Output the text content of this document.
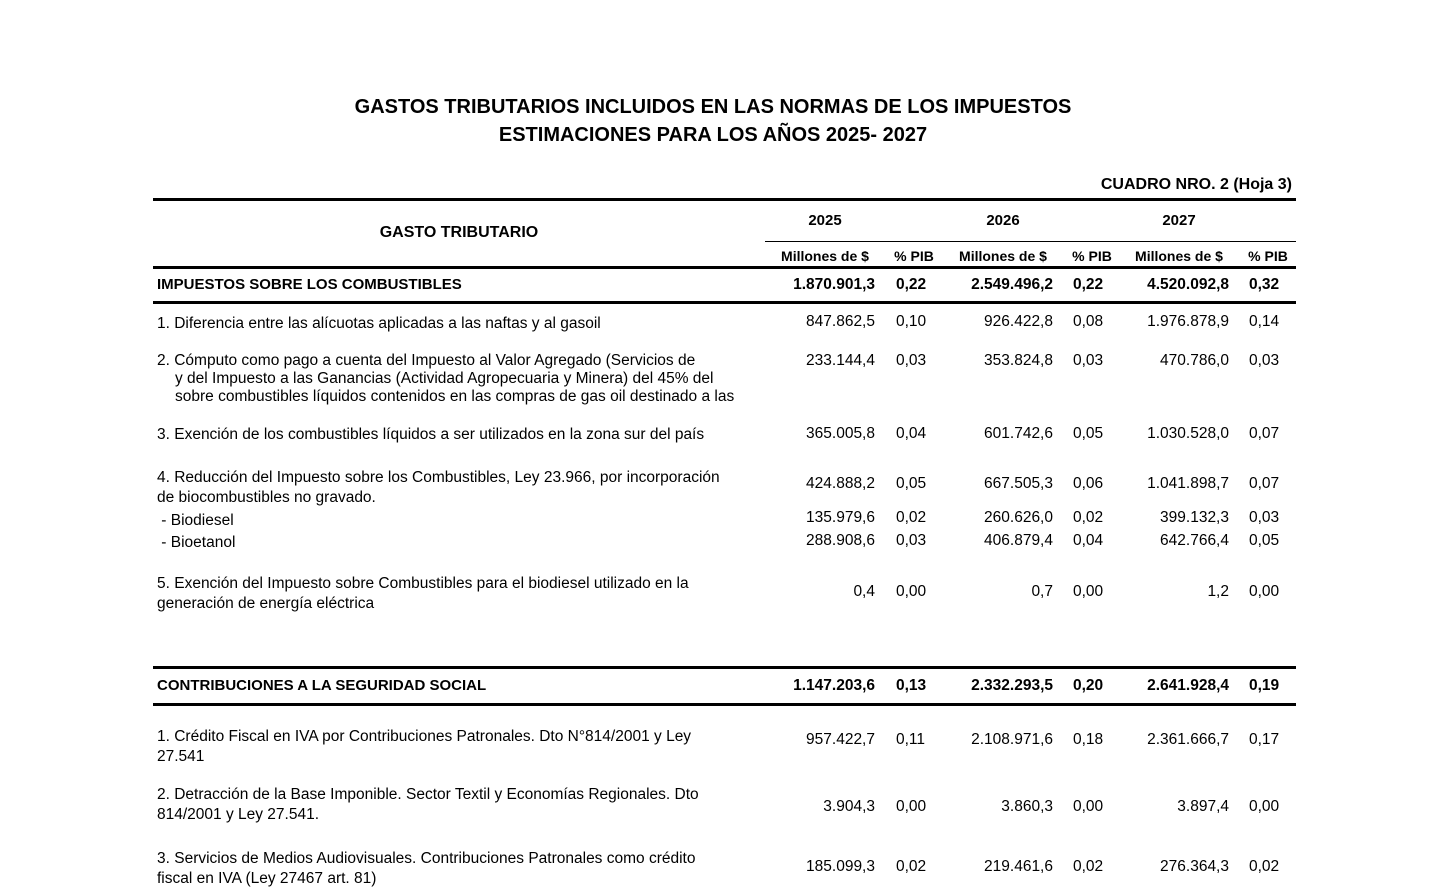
GASTOS TRIBUTARIOS INCLUIDOS EN LAS NORMAS DE LOS IMPUESTOS
ESTIMACIONES PARA LOS AÑOS 2025- 2027
CUADRO NRO. 2 (Hoja 3)
GASTO TRIBUTARIO
2025	2026	2027
Millones de $	% PIB	Millones de $	% PIB	Millones de $	% PIB
IMPUESTOS SOBRE LOS COMBUSTIBLES	1.870.901,3 0,22	2.549.496,2 0,22	4.520.092,8 0,32
1. Diferencia entre las alícuotas aplicadas a las naftas y al gasoil	847.862,5 0,10	926.422,8 0,08	1.976.878,9 0,14
2. Cómputo como pago a cuenta del Impuesto al Valor Agregado (Servicios de
y del Impuesto a las Ganancias (Actividad Agropecuaria y Minera) del 45% del
sobre combustibles líquidos contenidos en las compras de gas oil destinado a las
233.144,4 0,03	353.824,8 0,03	470.786,0 0,03
3. Exención de los combustibles líquidos a ser utilizados en la zona sur del país	365.005,8 0,04	601.742,6 0,05	1.030.528,0 0,07
4. Reducción del Impuesto sobre los Combustibles, Ley 23.966, por incorporación
de biocombustibles no gravado.
424.888,2 0,05	667.505,3 0,06	1.041.898,7 0,07
- Biodiesel	135.979,6 0,02	260.626,0 0,02	399.132,3 0,03
- Bioetanol	288.908,6 0,03	406.879,4 0,04	642.766,4 0,05
5. Exención del Impuesto sobre Combustibles para el biodiesel utilizado en la
generación de energía eléctrica
0,4 0,00	0,7 0,00	1,2 0,00
CONTRIBUCIONES A LA SEGURIDAD SOCIAL	1.147.203,6 0,13	2.332.293,5 0,20	2.641.928,4 0,19
1. Crédito Fiscal en IVA por Contribuciones Patronales. Dto N°814/2001 y Ley
27.541
957.422,7 0,11	2.108.971,6 0,18	2.361.666,7 0,17
2. Detracción de la Base Imponible. Sector Textil y Economías Regionales. Dto
814/2001 y Ley 27.541.	3.904,3 0,00	3.860,3 0,00	3.897,4 0,00
3. Servicios de Medios Audiovisuales. Contribuciones Patronales como crédito
fiscal en IVA (Ley 27467 art. 81)
185.099,3 0,02	219.461,6 0,02	276.364,3 0,02
